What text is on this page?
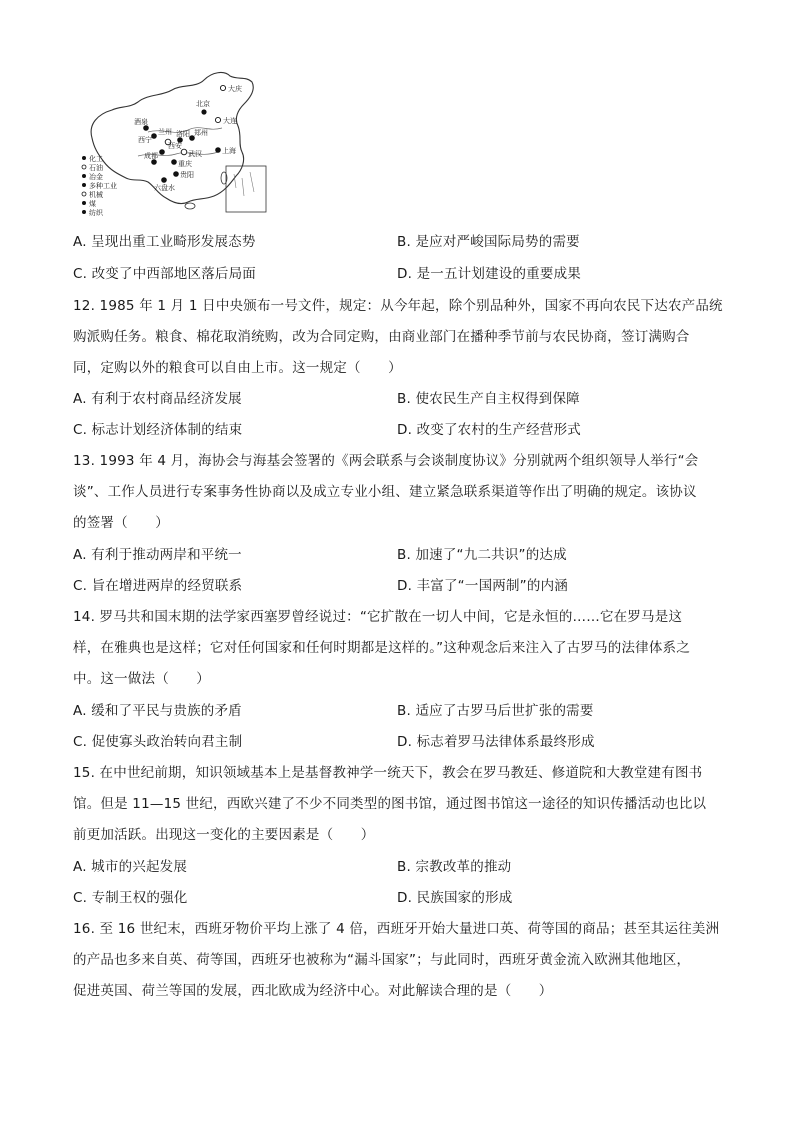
大庆
北京
大连
酒泉
西宁
西安
洛阳 郑州
兰州
武汉
成都
重庆
上海
贵阳
六盘水
化工
石油
冶金
多种工业
机械
煤
纺织
A. 呈现出重工业畸形发展态势	B. 是应对严峻国际局势的需要
C. 改变了中西部地区落后局面	D. 是一五计划建设的重要成果
12. 1985 年 1 月 1 日中央颁布一号文件，规定：从今年起，除个别品种外，国家不再向农民下达农产品统
购派购任务。粮食、棉花取消统购，改为合同定购，由商业部门在播种季节前与农民协商，签订满购合
同，定购以外的粮食可以自由上市。这一规定（　　）
A. 有利于农村商品经济发展	B. 使农民生产自主权得到保障
C. 标志计划经济体制的结束	D. 改变了农村的生产经营形式
13. 1993 年 4 月，海协会与海基会签署的《两会联系与会谈制度协议》分别就两个组织领导人举行“会
谈”、工作人员进行专案事务性协商以及成立专业小组、建立紧急联系渠道等作出了明确的规定。该协议
的签署（　　）
A. 有利于推动两岸和平统一	B. 加速了“九二共识”的达成
C. 旨在增进两岸的经贸联系	D. 丰富了“一国两制”的内涵
14. 罗马共和国末期的法学家西塞罗曾经说过：“它扩散在一切人中间，它是永恒的……它在罗马是这
样，在雅典也是这样；它对任何国家和任何时期都是这样的。”这种观念后来注入了古罗马的法律体系之
中。这一做法（　　）
A. 缓和了平民与贵族的矛盾	B. 适应了古罗马后世扩张的需要
C. 促使寡头政治转向君主制	D. 标志着罗马法律体系最终形成
15. 在中世纪前期，知识领域基本上是基督教神学一统天下，教会在罗马教廷、修道院和大教堂建有图书
馆。但是 11—15 世纪，西欧兴建了不少不同类型的图书馆，通过图书馆这一途径的知识传播活动也比以
前更加活跃。出现这一变化的主要因素是（　　）
A. 城市的兴起发展	B. 宗教改革的推动
C. 专制王权的强化	D. 民族国家的形成
16. 至 16 世纪末，西班牙物价平均上涨了 4 倍，西班牙开始大量进口英、荷等国的商品；甚至其运往美洲
的产品也多来自英、荷等国，西班牙也被称为“漏斗国家”；与此同时，西班牙黄金流入欧洲其他地区，
促进英国、荷兰等国的发展，西北欧成为经济中心。对此解读合理的是（　　）
